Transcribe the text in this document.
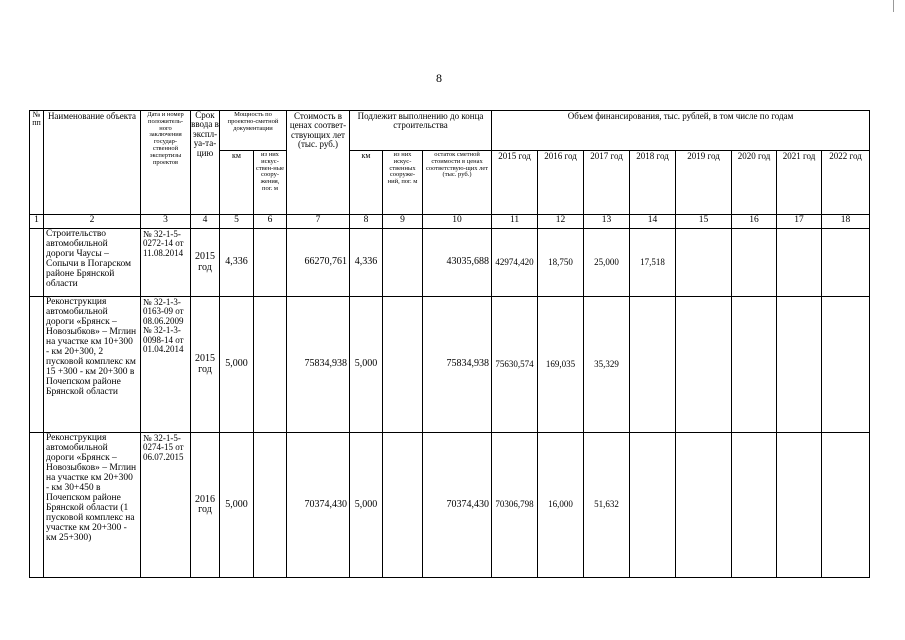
8
№ пп	Наименование объекта	Дата и номер положитель-ного заключения государ-ственной экспертизы проектов	Срок ввода в экспл-уа-та-цию	Мощность по проектно-сметной документации		Стоимость в ценах соответ-ствующих лет (тыс. руб.)	Подлежит выполнению до конца строительства			Объем финансирования, тыс. рублей, в том числе по годам							
				км	из них искус-ствен-ные соору-жения, пог. м		км	из них искус-ственных сооруже-ний, пог. м	остаток сметной стоимости в ценах соответствую-щих лет (тыс. руб.)	2015 год	2016 год	2017 год	2018 год	2019 год	2020 год	2021 год	2022 год
1	2	3	4	5	6	7	8	9	10	11	12	13	14	15	16	17	18
	Строительство автомобильной дороги Чаусы – Сопычи в Погарском районе Брянской области	№ 32-1-5-0272-14 от 11.08.2014	2015 год	4,336		66270,761	4,336		43035,688	42974,420	18,750	25,000	17,518				
	Реконструкция автомобильной дороги «Брянск – Новозыбков» – Мглин на участке км 10+300 - км 20+300, 2 пусковой комплекс км 15 +300 - км 20+300 в Почепском районе Брянской области	№ 32-1-3-0163-09 от 08.06.2009 № 32-1-3-0098-14 от 01.04.2014	2015 год	5,000		75834,938	5,000		75834,938	75630,574	169,035	35,329					
	Реконструкция автомобильной дороги «Брянск – Новозыбков» – Мглин на участке км 20+300 - км 30+450 в Почепском районе Брянской области (1 пусковой комплекс на участке км 20+300 - км 25+300)	№ 32-1-5-0274-15 от 06.07.2015	2016 год	5,000		70374,430	5,000		70374,430	70306,798	16,000	51,632					
